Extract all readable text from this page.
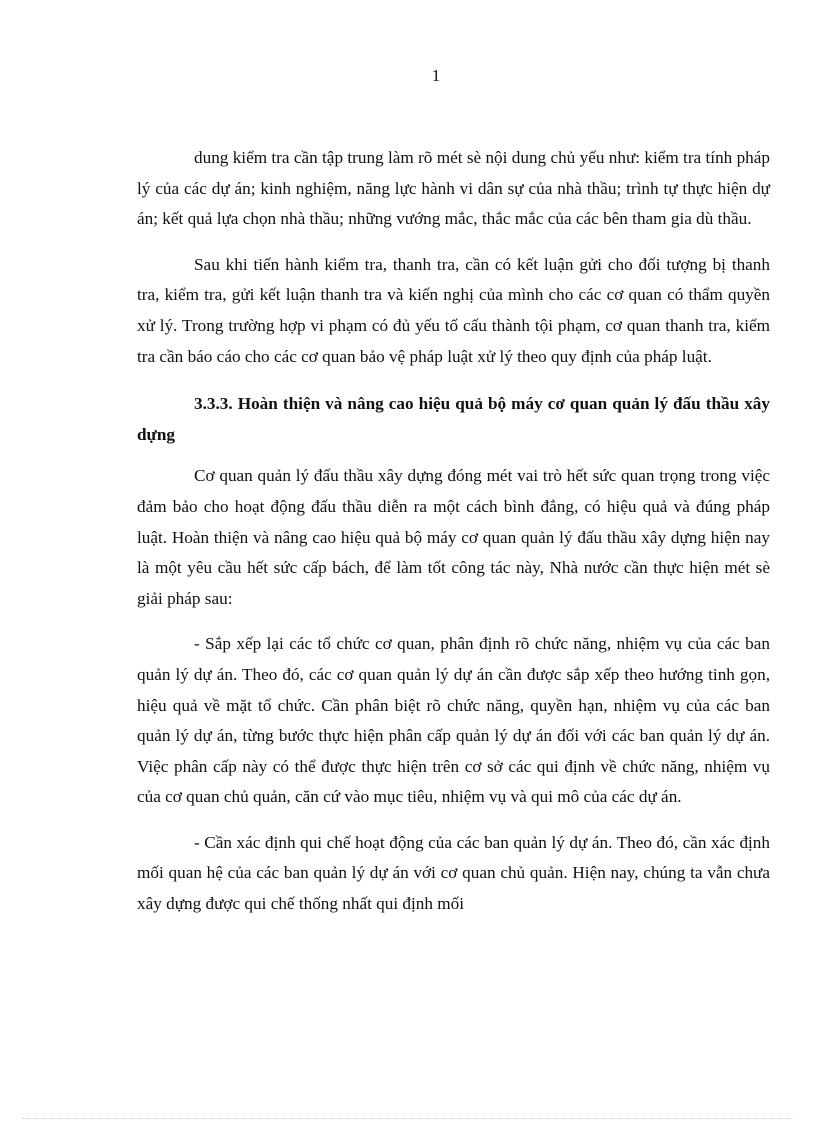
1

dung kiểm tra cần tập trung làm rõ mét sè nội dung chủ yếu như: kiểm tra tính pháp lý của các dự án; kinh nghiệm, năng lực hành vi dân sự của nhà thầu; trình tự thực hiện dự án; kết quả lựa chọn nhà thầu; những vướng mắc, thắc mắc của các bên tham gia dù thầu.

Sau khi tiến hành kiểm tra, thanh tra, cần có kết luận gửi cho đối tượng bị thanh tra, kiểm tra, gửi kết luận thanh tra và kiến nghị của mình cho các cơ quan có thẩm quyền xử lý. Trong trường hợp vi phạm có đủ yếu tố cấu thành tội phạm, cơ quan thanh tra, kiểm tra cần báo cáo cho các cơ quan bảo vệ pháp luật xử lý theo quy định của pháp luật.

3.3.3. Hoàn thiện và nâng cao hiệu quả bộ máy cơ quan quản lý đấu thầu xây dựng

Cơ quan quản lý đấu thầu xây dựng đóng mét vai trò hết sức quan trọng trong việc đảm bảo cho hoạt động đấu thầu diễn ra một cách bình đẳng, có hiệu quả và đúng pháp luật. Hoàn thiện và nâng cao hiệu quả bộ máy cơ quan quản lý đấu thầu xây dựng hiện nay là một yêu cầu hết sức cấp bách, để làm tốt công tác này, Nhà nước cần thực hiện mét sè giải pháp sau:

- Sắp xếp lại các tổ chức cơ quan, phân định rõ chức năng, nhiệm vụ của các ban quản lý dự án. Theo đó, các cơ quan quản lý dự án cần được sắp xếp theo hướng tinh gọn, hiệu quả về mặt tổ chức. Cần phân biệt rõ chức năng, quyền hạn, nhiệm vụ của các ban quản lý dự án, từng bước thực hiện phân cấp quản lý dự án đối với các ban quản lý dự án. Việc phân cấp này có thể được thực hiện trên cơ sở các qui định về chức năng, nhiệm vụ của cơ quan chủ quản, căn cứ vào mục tiêu, nhiệm vụ và qui mô của các dự án.

- Cần xác định qui chế hoạt động của các ban quản lý dự án. Theo đó, cần xác định mối quan hệ của các ban quản lý dự án với cơ quan chủ quản. Hiện nay, chúng ta vẫn chưa xây dựng được qui chế thống nhất qui định mối
